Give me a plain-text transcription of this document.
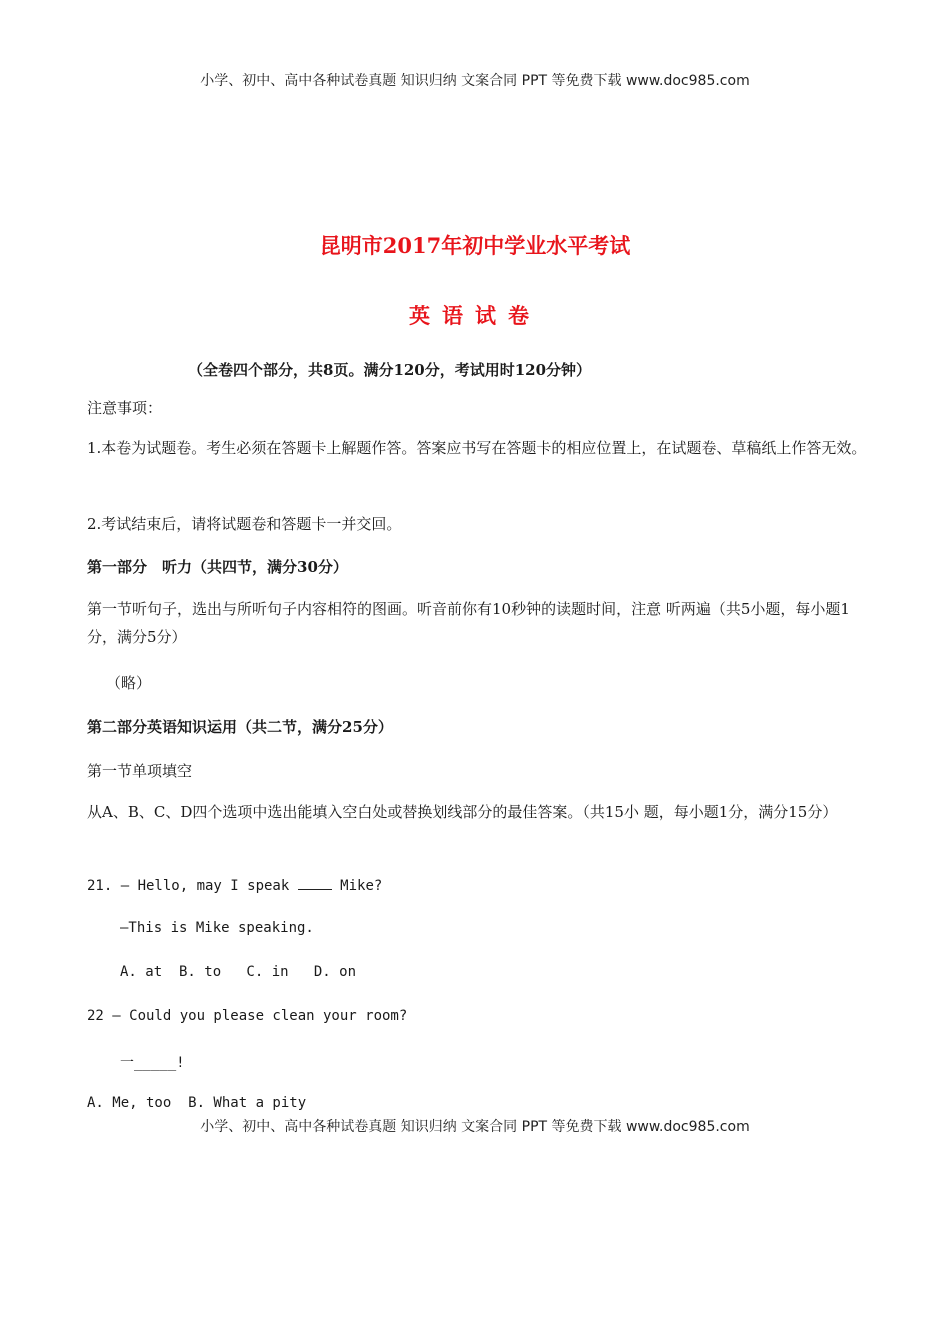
小学、初中、高中各种试卷真题 知识归纳 文案合同 PPT 等免费下载 www.doc985.com
昆明市2017年初中学业水平考试
英语试卷
（全卷四个部分，共8页。满分120分，考试用时120分钟）
注意事项：
1.本卷为试题卷。考生必须在答题卡上解题作答。答案应书写在答题卡的相应位置上，在试题卷、草稿纸上作答无效。
2.考试结束后，请将试题卷和答题卡一并交回。
第一部分　听力（共四节，满分30分）
第一节听句子，选出与所听句子内容相符的图画。听音前你有10秒钟的读题时间，注意 听两遍（共5小题，每小题1分，满分5分）
（略）
第二部分英语知识运用（共二节，满分25分）
第一节单项填空
从A、B、C、D四个选项中选出能填入空白处或替换划线部分的最佳答案。（共15小 题，每小题1分，满分15分）
21. — Hello, may I speak	Mike?
—This is Mike speaking.
A. at  B. to   C. in   D. on
22 — Could you please clean your room?
一_____!
A. Me, too  B. What a pity
小学、初中、高中各种试卷真题 知识归纳 文案合同 PPT 等免费下载 www.doc985.com
